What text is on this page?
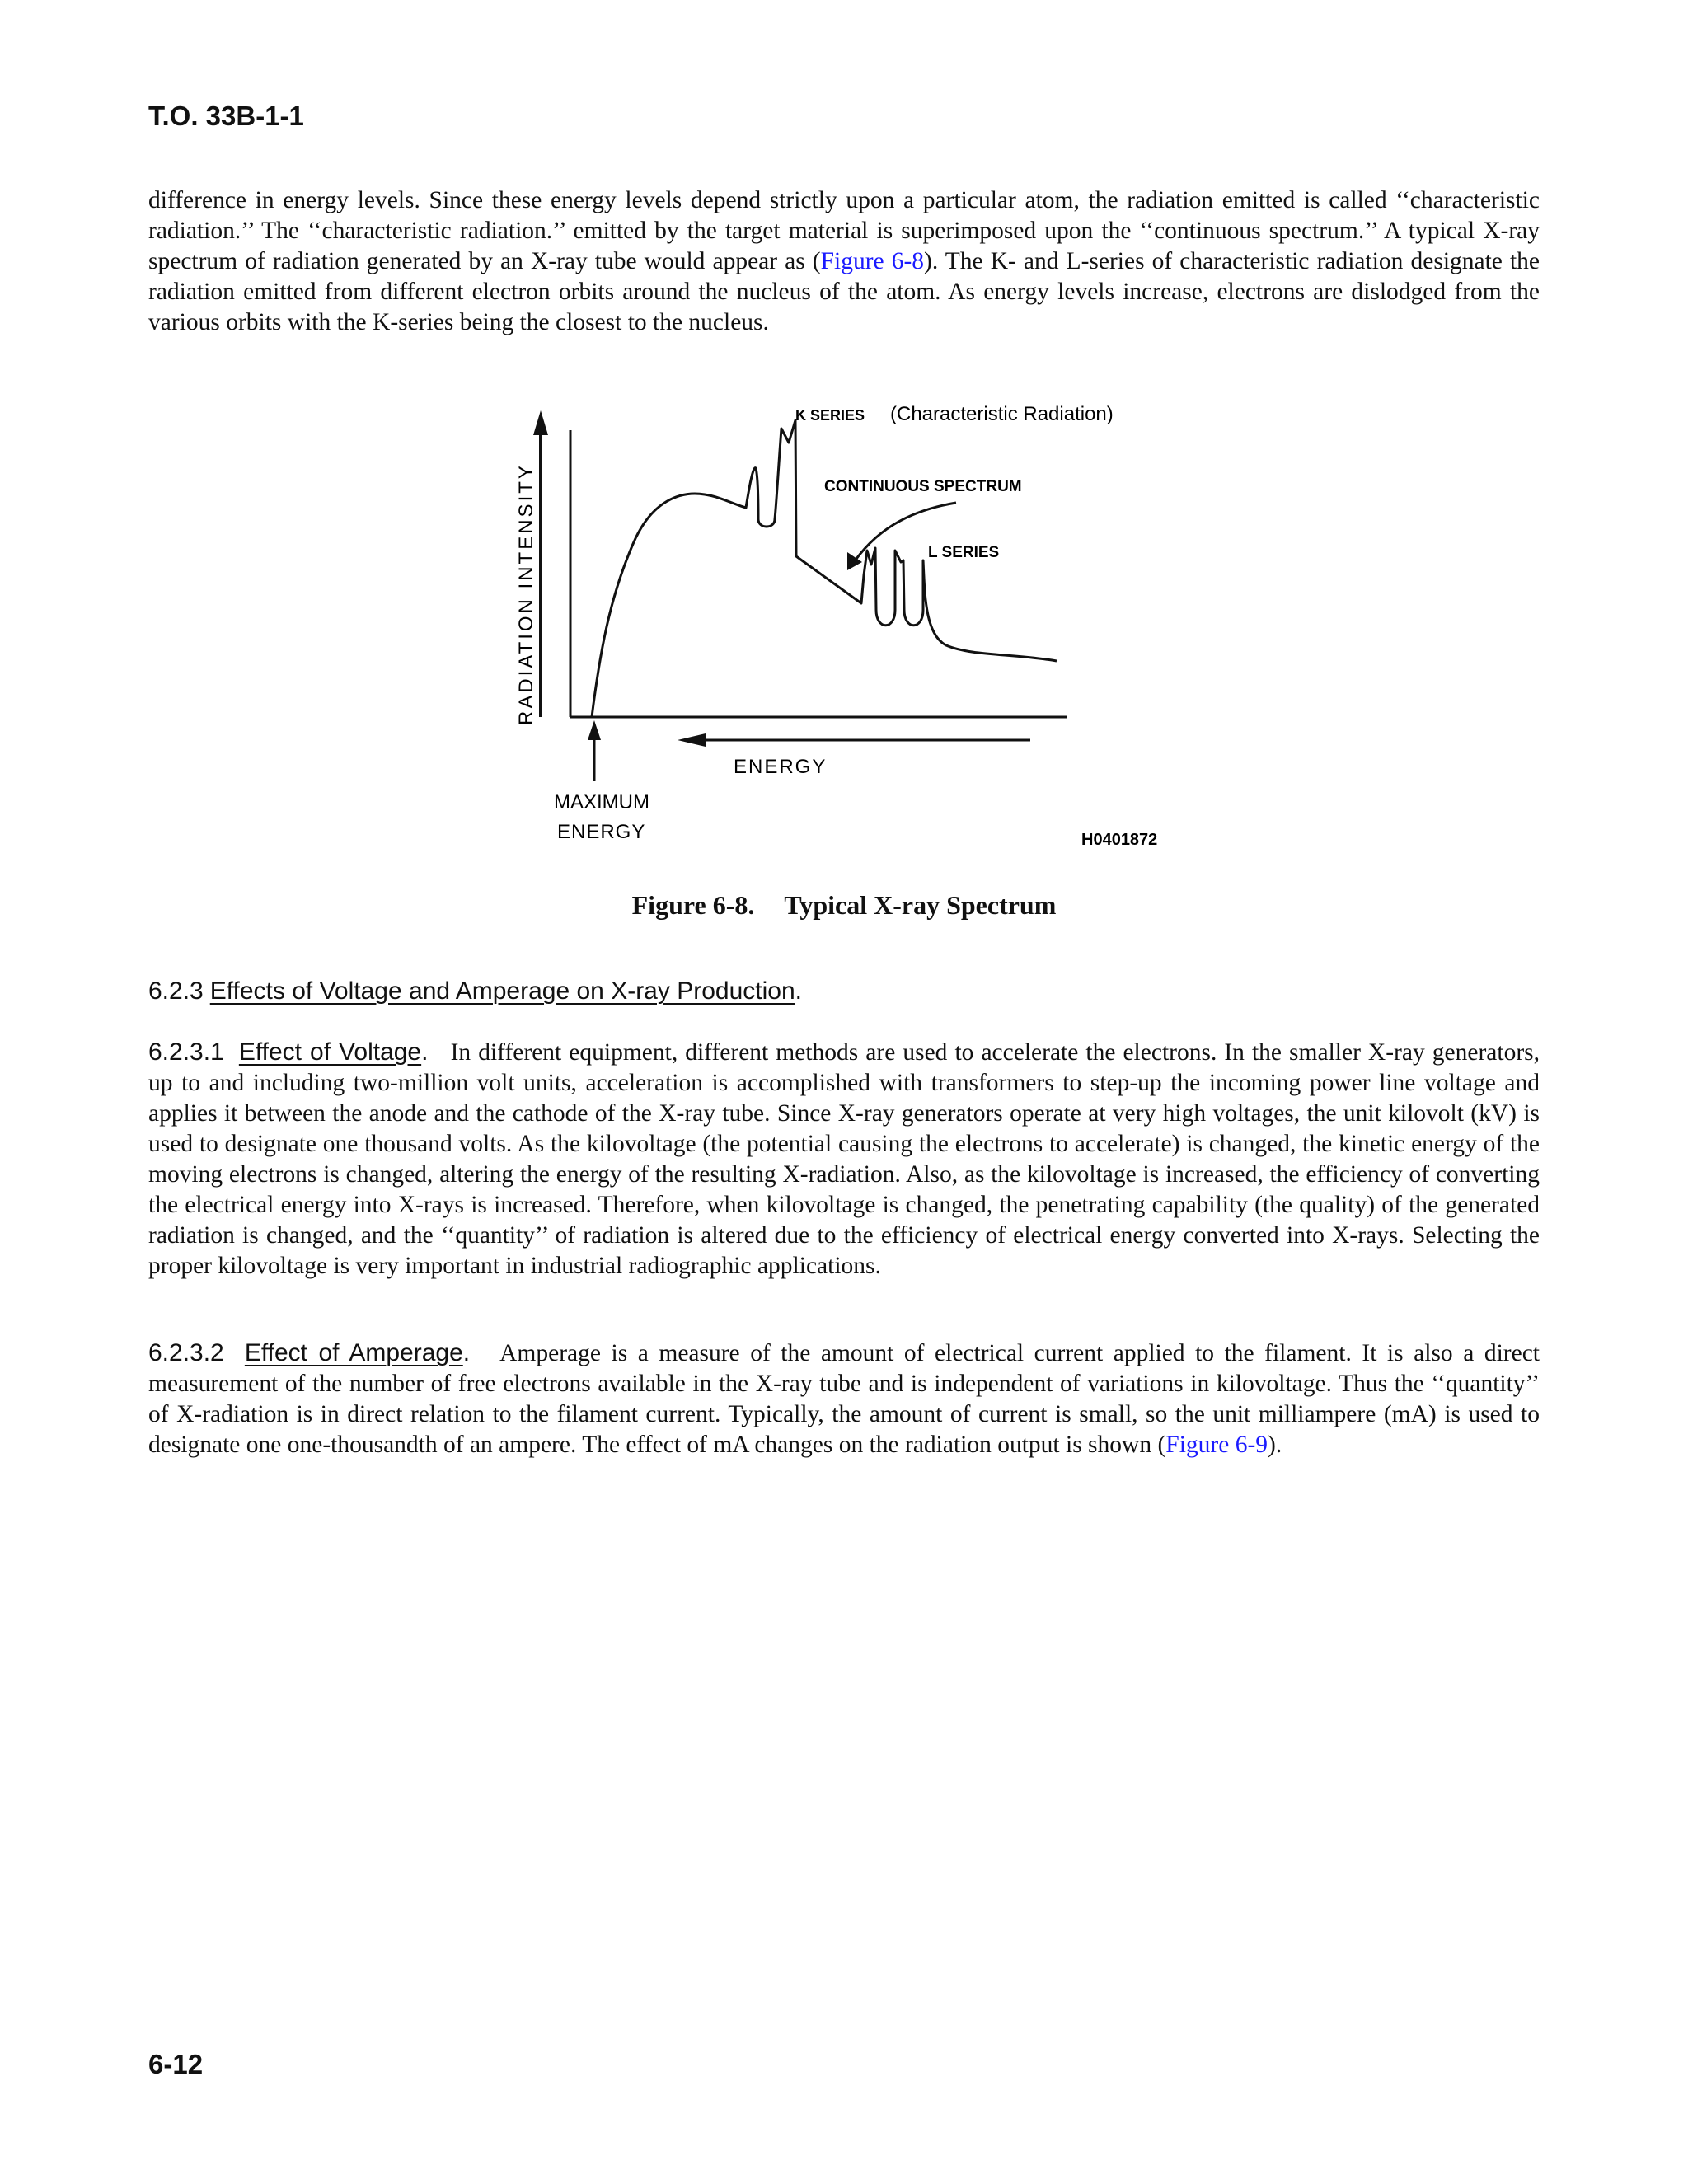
T.O. 33B-1-1
difference in energy levels. Since these energy levels depend strictly upon a particular atom, the radiation emitted is called ‘‘characteristic radiation.’’ The ‘‘characteristic radiation.’’ emitted by the target material is superimposed upon the ‘‘continuous spectrum.’’ A typical X-ray spectrum of radiation generated by an X-ray tube would appear as (Figure 6-8). The K- and L-series of characteristic radiation designate the radiation emitted from different electron orbits around the nucleus of the atom. As energy levels increase, electrons are dislodged from the various orbits with the K-series being the closest to the nucleus.
K SERIES (Characteristic Radiation)
CONTINUOUS SPECTRUM
L SERIES
RADIATION INTENSITY
ENERGY
MAXIMUM
ENERGY	H0401872
Figure 6-8. Typical X-ray Spectrum
6.2.3 Effects of Voltage and Amperage on X-ray Production.
6.2.3.1 Effect of Voltage. In different equipment, different methods are used to accelerate the electrons. In the smaller X-ray generators, up to and including two-million volt units, acceleration is accomplished with transformers to step-up the incoming power line voltage and applies it between the anode and the cathode of the X-ray tube. Since X-ray generators operate at very high voltages, the unit kilovolt (kV) is used to designate one thousand volts. As the kilovoltage (the potential causing the electrons to accelerate) is changed, the kinetic energy of the moving electrons is changed, altering the energy of the resulting X-radiation. Also, as the kilovoltage is increased, the efficiency of converting the electrical energy into X-rays is increased. Therefore, when kilovoltage is changed, the penetrating capability (the quality) of the generated radiation is changed, and the ‘‘quantity’’ of radiation is altered due to the efficiency of electrical energy converted into X-rays. Selecting the proper kilovoltage is very important in industrial radiographic applications.
6.2.3.2 Effect of Amperage. Amperage is a measure of the amount of electrical current applied to the filament. It is also a direct measurement of the number of free electrons available in the X-ray tube and is independent of variations in kilovoltage. Thus the ‘‘quantity’’ of X-radiation is in direct relation to the filament current. Typically, the amount of current is small, so the unit milliampere (mA) is used to designate one one-thousandth of an ampere. The effect of mA changes on the radiation output is shown (Figure 6-9).
6-12
